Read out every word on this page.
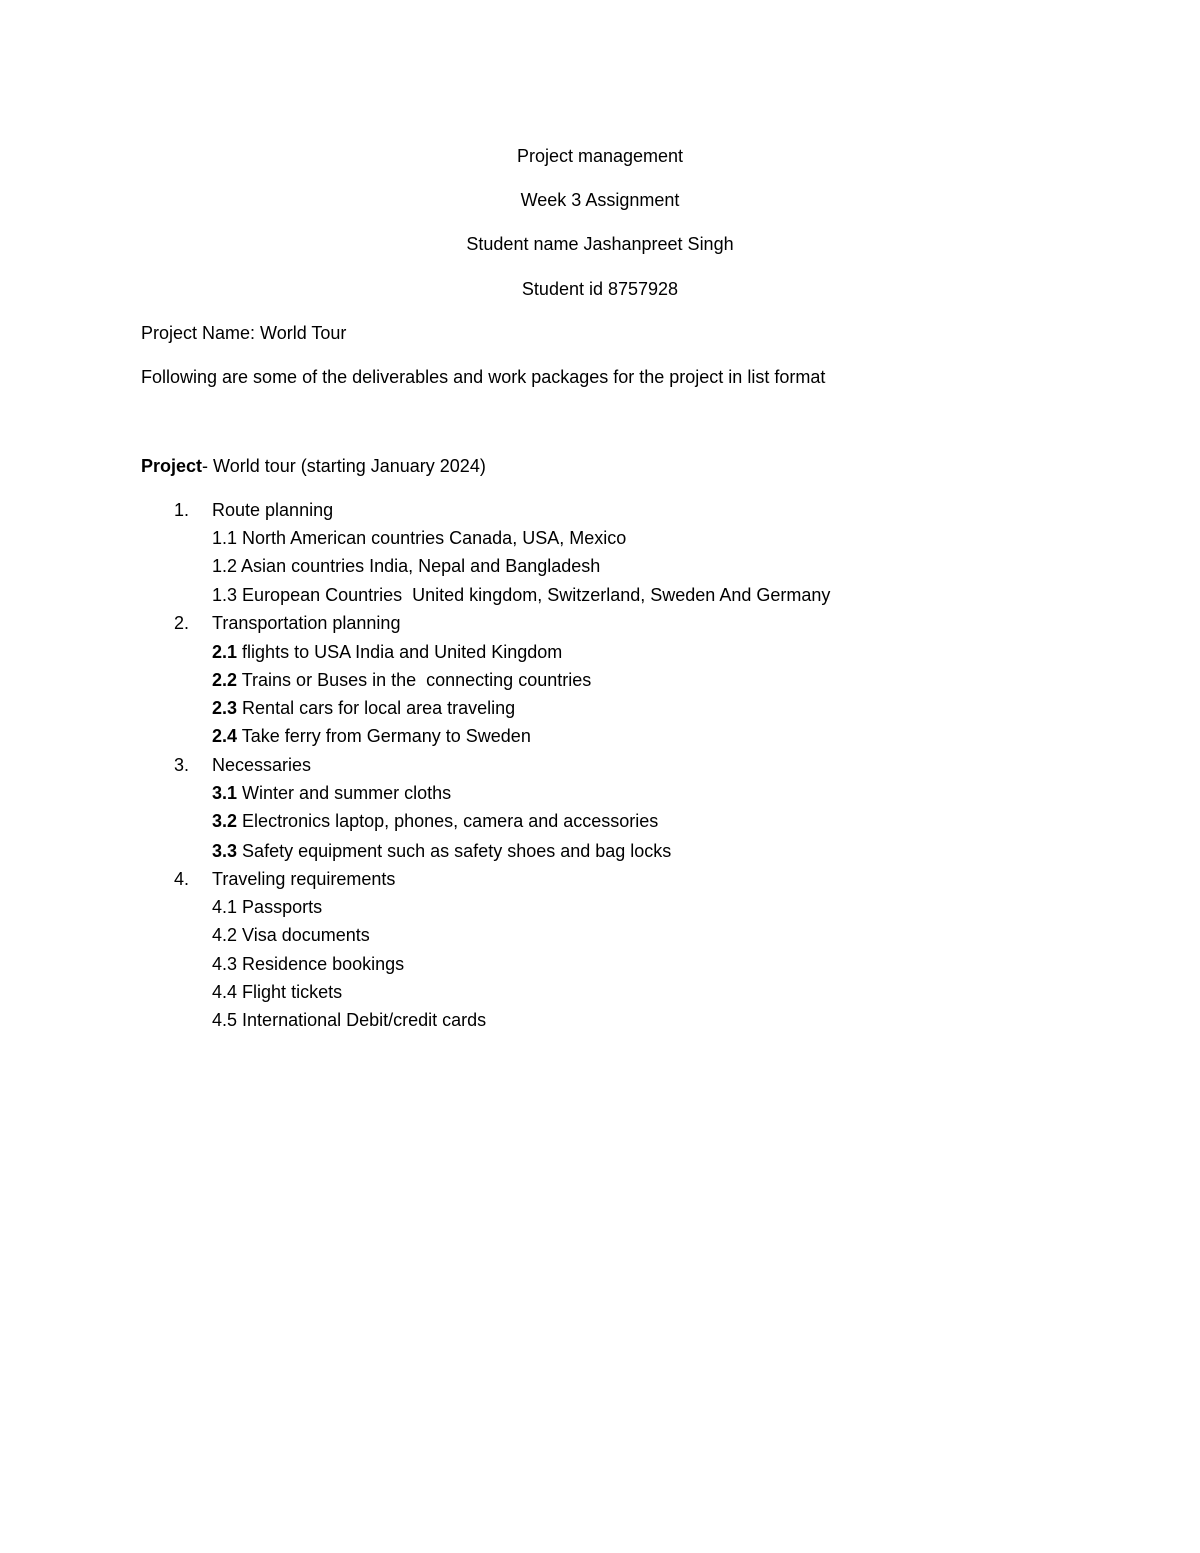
Project management
Week 3 Assignment
Student name Jashanpreet Singh
Student id 8757928
Project Name: World Tour
Following are some of the deliverables and work packages for the project in list format
Project- World tour (starting January 2024)
1. Route planning
1.1 North American countries Canada, USA, Mexico
1.2 Asian countries India, Nepal and Bangladesh
1.3 European Countries  United kingdom, Switzerland, Sweden And Germany
2. Transportation planning
2.1 flights to USA India and United Kingdom
2.2 Trains or Buses in the  connecting countries
2.3 Rental cars for local area traveling
2.4 Take ferry from Germany to Sweden
3. Necessaries
3.1 Winter and summer cloths
3.2 Electronics laptop, phones, camera and accessories
3.3 Safety equipment such as safety shoes and bag locks
4. Traveling requirements
4.1 Passports
4.2 Visa documents
4.3 Residence bookings
4.4 Flight tickets
4.5 International Debit/credit cards
